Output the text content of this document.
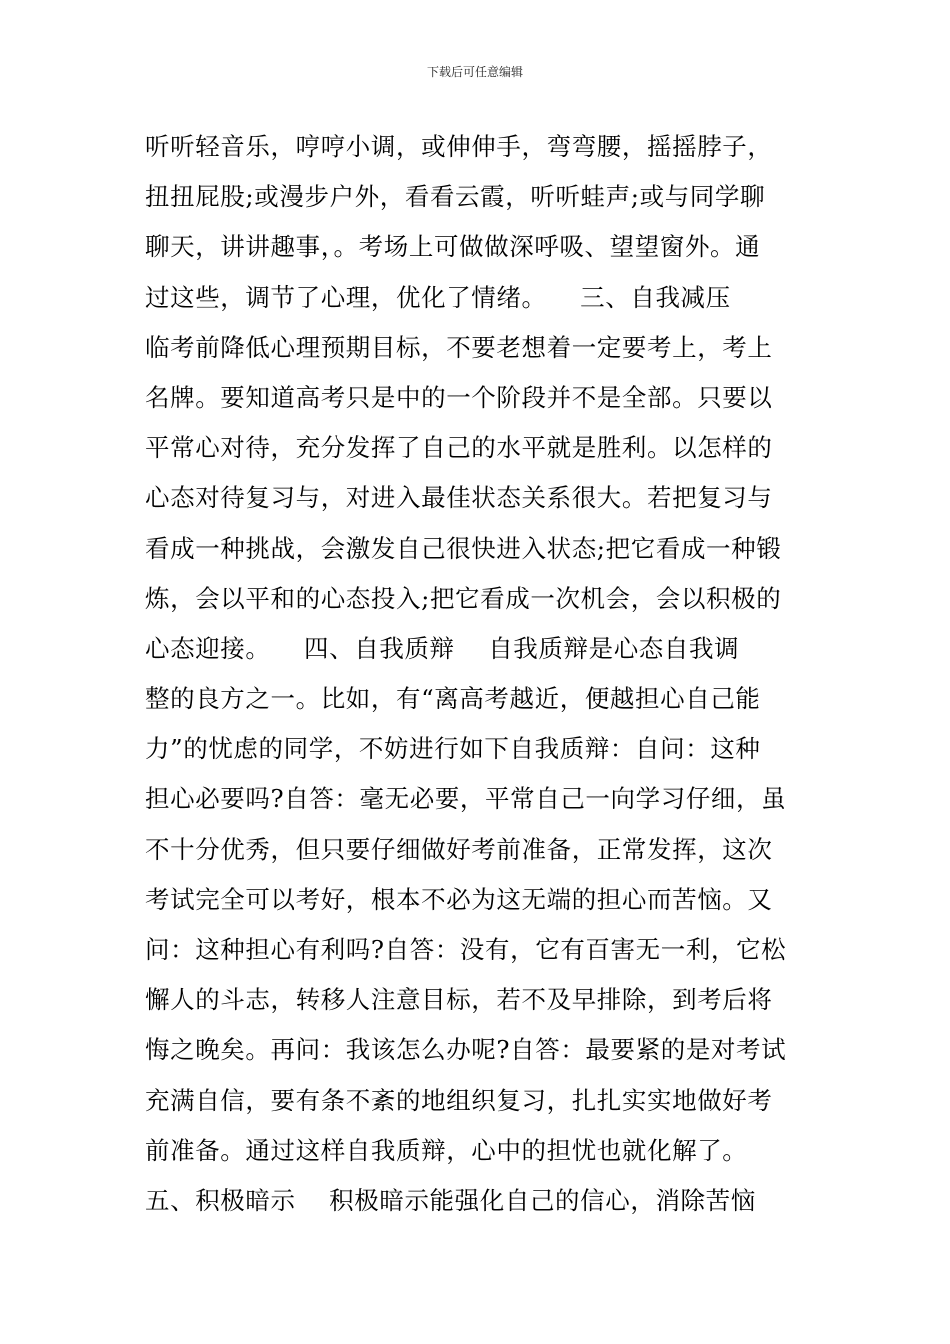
下载后可任意编辑
听听轻音乐，哼哼小调，或伸伸手，弯弯腰，摇摇脖子，
扭扭屁股;或漫步户外，看看云霞，听听蛙声;或与同学聊
聊天，讲讲趣事，。考场上可做做深呼吸、望望窗外。通
过这些，调节了心理，优化了情绪。    三、自我减压
临考前降低心理预期目标，不要老想着一定要考上，考上
名牌。要知道高考只是中的一个阶段并不是全部。只要以
平常心对待，充分发挥了自己的水平就是胜利。以怎样的
心态对待复习与，对进入最佳状态关系很大。若把复习与
看成一种挑战，会激发自己很快进入状态;把它看成一种锻
炼，会以平和的心态投入;把它看成一次机会，会以积极的
心态迎接。    四、自我质辩    自我质辩是心态自我调
整的良方之一。比如，有“离高考越近，便越担心自己能
力”的忧虑的同学，不妨进行如下自我质辩：自问：这种
担心必要吗?自答：毫无必要，平常自己一向学习仔细，虽
不十分优秀，但只要仔细做好考前准备，正常发挥，这次
考试完全可以考好，根本不必为这无端的担心而苦恼。又
问：这种担心有利吗?自答：没有，它有百害无一利，它松
懈人的斗志，转移人注意目标，若不及早排除，到考后将
悔之晚矣。再问：我该怎么办呢?自答：最要紧的是对考试
充满自信，要有条不紊的地组织复习，扎扎实实地做好考
前准备。通过这样自我质辩，心中的担忧也就化解了。
五、积极暗示    积极暗示能强化自己的信心，消除苦恼
